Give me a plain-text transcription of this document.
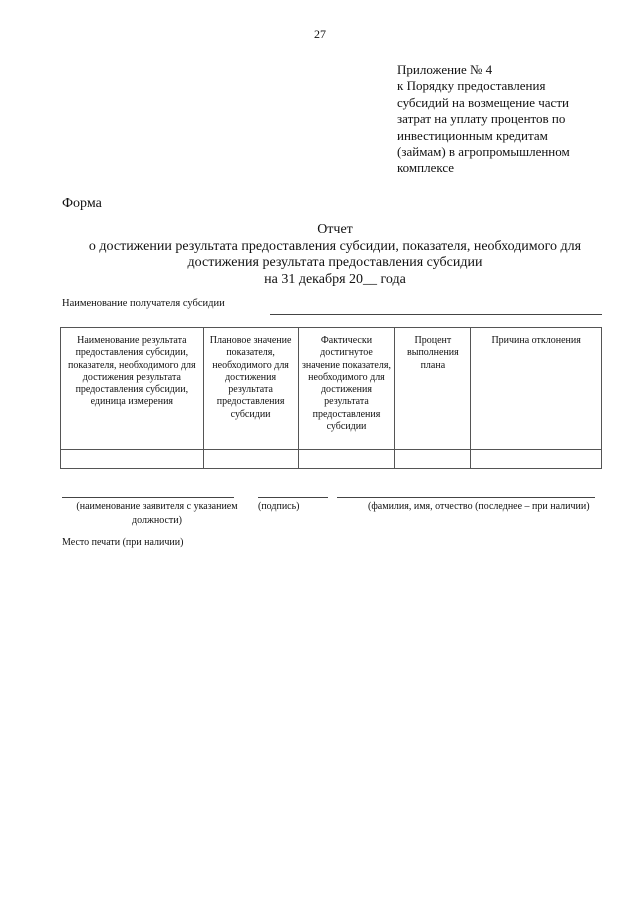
27
Приложение № 4
к Порядку предоставления
субсидий на возмещение части
затрат на уплату процентов по
инвестиционным кредитам
(займам) в агропромышленном
комплексе
Форма
Отчет
о достижении результата предоставления субсидии, показателя, необходимого для
достижения результата предоставления субсидии
на 31 декабря 20__ года
Наименование получателя субсидии
Наименование результата предоставления субсидии, показателя, необходимого для достижения результата предоставления субсидии, единица измерения	Плановое значение показателя, необходимого для достижения результата предоставления субсидии	Фактически достигнутое значение показателя, необходимого для достижения результата предоставления субсидии	Процент выполнения плана	Причина отклонения

(наименование заявителя с указанием
должности)
(подпись)	(фамилия, имя, отчество (последнее – при наличии)
Место печати (при наличии)
